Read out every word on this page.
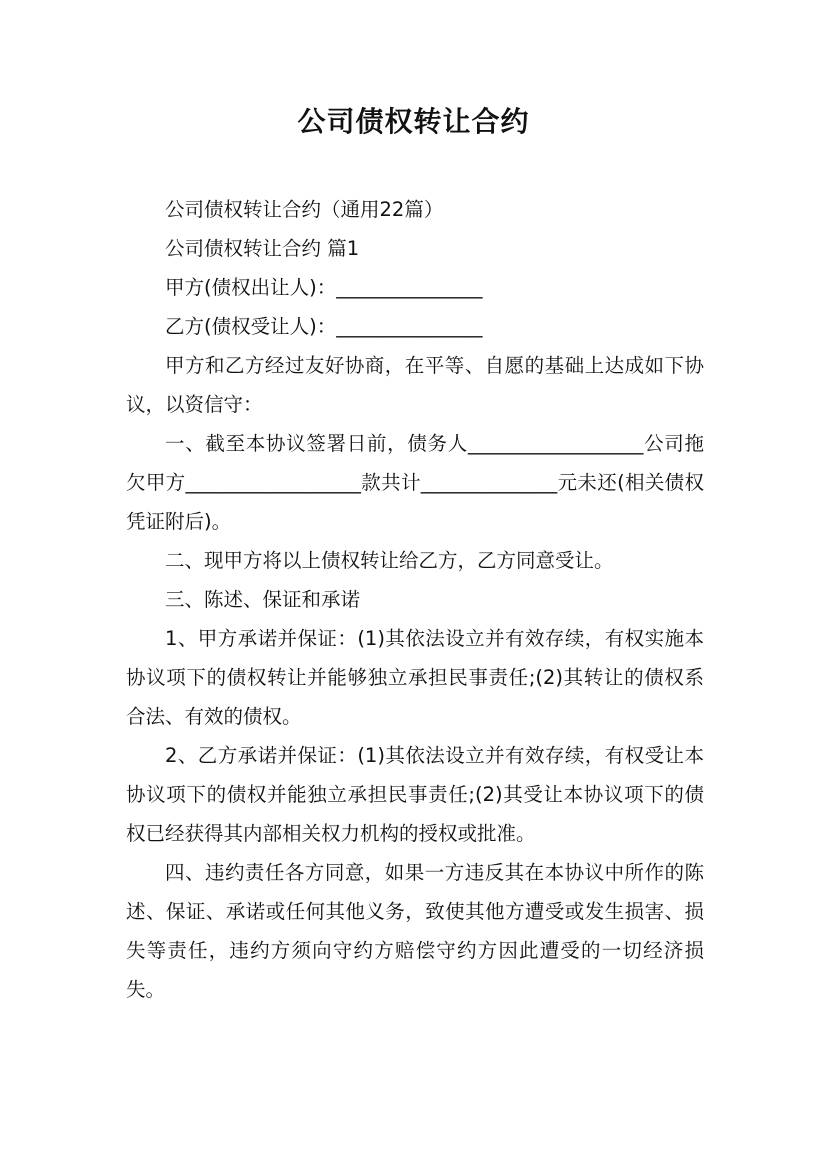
公司债权转让合约

公司债权转让合约（通用22篇）

公司债权转让合约 篇1

甲方(债权出让人)：_______________

乙方(债权受让人)：_______________

甲方和乙方经过友好协商，在平等、自愿的基础上达成如下协议，以资信守：

一、截至本协议签署日前，债务人__________________公司拖欠甲方__________________款共计______________元未还(相关债权凭证附后)。

二、现甲方将以上债权转让给乙方，乙方同意受让。

三、陈述、保证和承诺

1、甲方承诺并保证：(1)其依法设立并有效存续，有权实施本协议项下的债权转让并能够独立承担民事责任;(2)其转让的债权系合法、有效的债权。

2、乙方承诺并保证：(1)其依法设立并有效存续，有权受让本协议项下的债权并能独立承担民事责任;(2)其受让本协议项下的债权已经获得其内部相关权力机构的授权或批准。

四、违约责任各方同意，如果一方违反其在本协议中所作的陈述、保证、承诺或任何其他义务，致使其他方遭受或发生损害、损失等责任，违约方须向守约方赔偿守约方因此遭受的一切经济损失。
